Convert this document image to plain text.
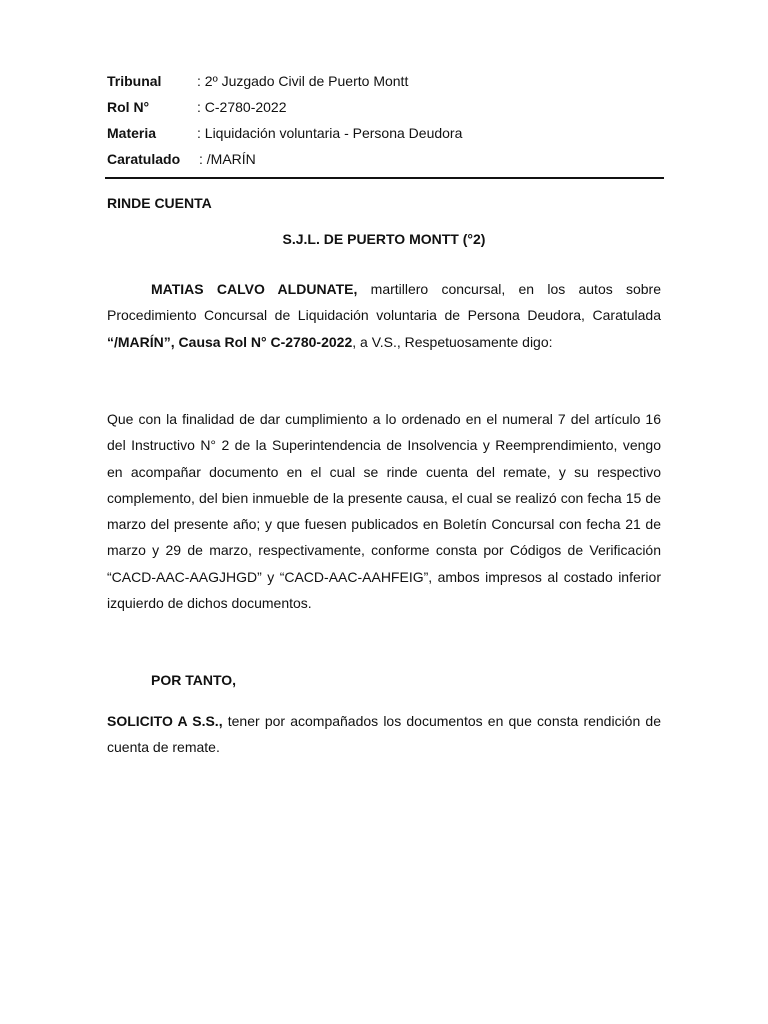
Tribunal	: 2º Juzgado Civil de Puerto Montt
Rol N°	: C-2780-2022
Materia	: Liquidación voluntaria - Persona Deudora
Caratulado : /MARÍN
RINDE CUENTA
S.J.L. DE PUERTO MONTT (°2)
MATIAS CALVO ALDUNATE, martillero concursal, en los autos sobre Procedimiento Concursal de Liquidación voluntaria de Persona Deudora, Caratulada “/MARÍN”, Causa Rol N° C-2780-2022, a V.S., Respetuosamente digo:
Que con la finalidad de dar cumplimiento a lo ordenado en el numeral 7 del artículo 16 del Instructivo N° 2 de la Superintendencia de Insolvencia y Reemprendimiento, vengo en acompañar documento en el cual se rinde cuenta del remate, y su respectivo complemento, del bien inmueble de la presente causa, el cual se realizó con fecha 15 de marzo del presente año; y que fuesen publicados en Boletín Concursal con fecha 21 de marzo y 29 de marzo, respectivamente, conforme consta por Códigos de Verificación “CACD-AAC-AAGJHGD” y “CACD-AAC-AAHFEIG”, ambos impresos al costado inferior izquierdo de dichos documentos.
POR TANTO,
SOLICITO A S.S., tener por acompañados los documentos en que consta rendición de cuenta de remate.
